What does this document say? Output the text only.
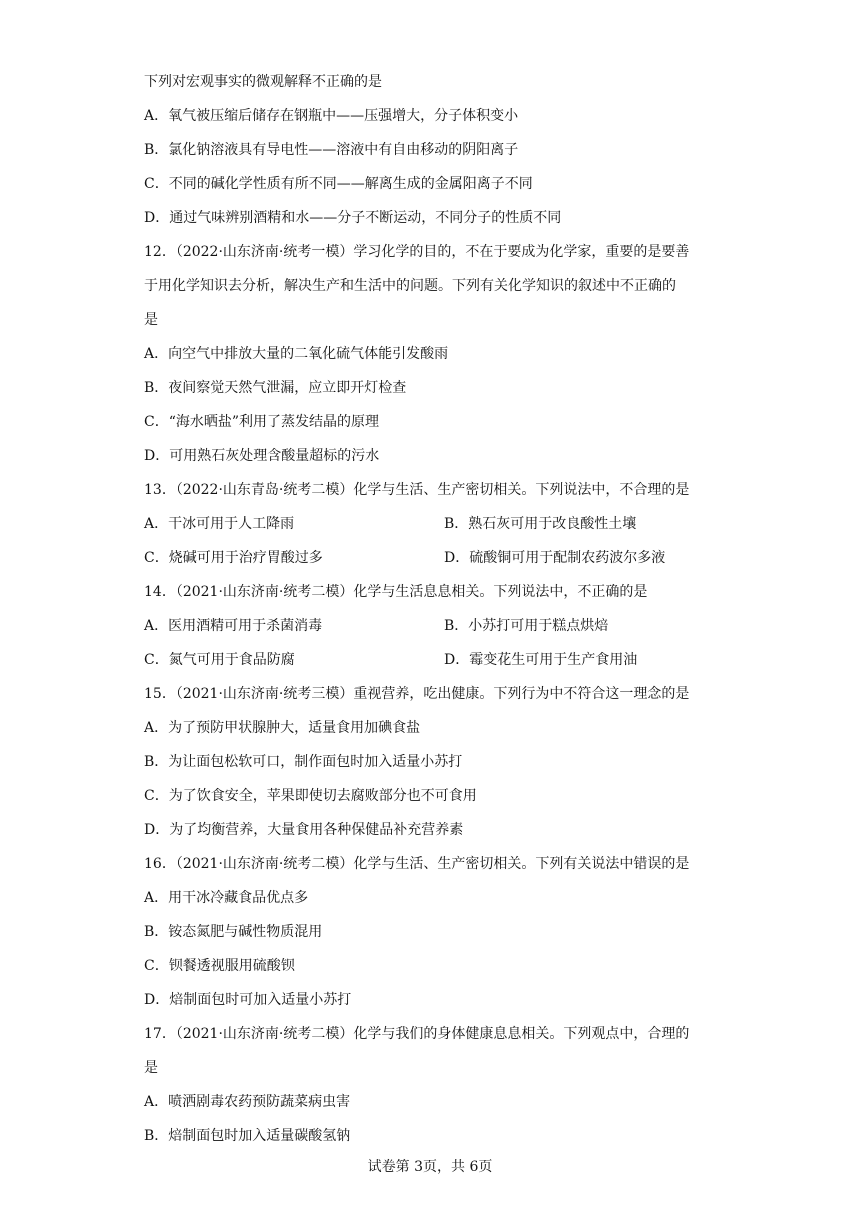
下列对宏观事实的微观解释不正确的是
A．氧气被压缩后储存在钢瓶中——压强增大，分子体积变小
B．氯化钠溶液具有导电性——溶液中有自由移动的阴阳离子
C．不同的碱化学性质有所不同——解离生成的金属阳离子不同
D．通过气味辨别酒精和水——分子不断运动，不同分子的性质不同
12．（2022·山东济南·统考一模）学习化学的目的，不在于要成为化学家，重要的是要善
于用化学知识去分析，解决生产和生活中的问题。下列有关化学知识的叙述中不正确的
是
A．向空气中排放大量的二氧化硫气体能引发酸雨
B．夜间察觉天然气泄漏，应立即开灯检查
C．“海水晒盐”利用了蒸发结晶的原理
D．可用熟石灰处理含酸量超标的污水
13．（2022·山东青岛·统考二模）化学与生活、生产密切相关。下列说法中，不合理的是
A．干冰可用于人工降雨	B．熟石灰可用于改良酸性土壤
C．烧碱可用于治疗胃酸过多	D．硫酸铜可用于配制农药波尔多液
14．（2021·山东济南·统考二模）化学与生活息息相关。下列说法中，不正确的是
A．医用酒精可用于杀菌消毒	B．小苏打可用于糕点烘焙
C．氮气可用于食品防腐	D．霉变花生可用于生产食用油
15．（2021·山东济南·统考三模）重视营养，吃出健康。下列行为中不符合这一理念的是
A．为了预防甲状腺肿大，适量食用加碘食盐
B．为让面包松软可口，制作面包时加入适量小苏打
C．为了饮食安全，苹果即使切去腐败部分也不可食用
D．为了均衡营养，大量食用各种保健品补充营养素
16．（2021·山东济南·统考二模）化学与生活、生产密切相关。下列有关说法中错误的是
A．用干冰冷藏食品优点多
B．铵态氮肥与碱性物质混用
C．钡餐透视服用硫酸钡
D．焙制面包时可加入适量小苏打
17．（2021·山东济南·统考二模）化学与我们的身体健康息息相关。下列观点中，合理的
是
A．喷洒剧毒农药预防蔬菜病虫害
B．焙制面包时加入适量碳酸氢钠
试卷第 3页，共 6页
